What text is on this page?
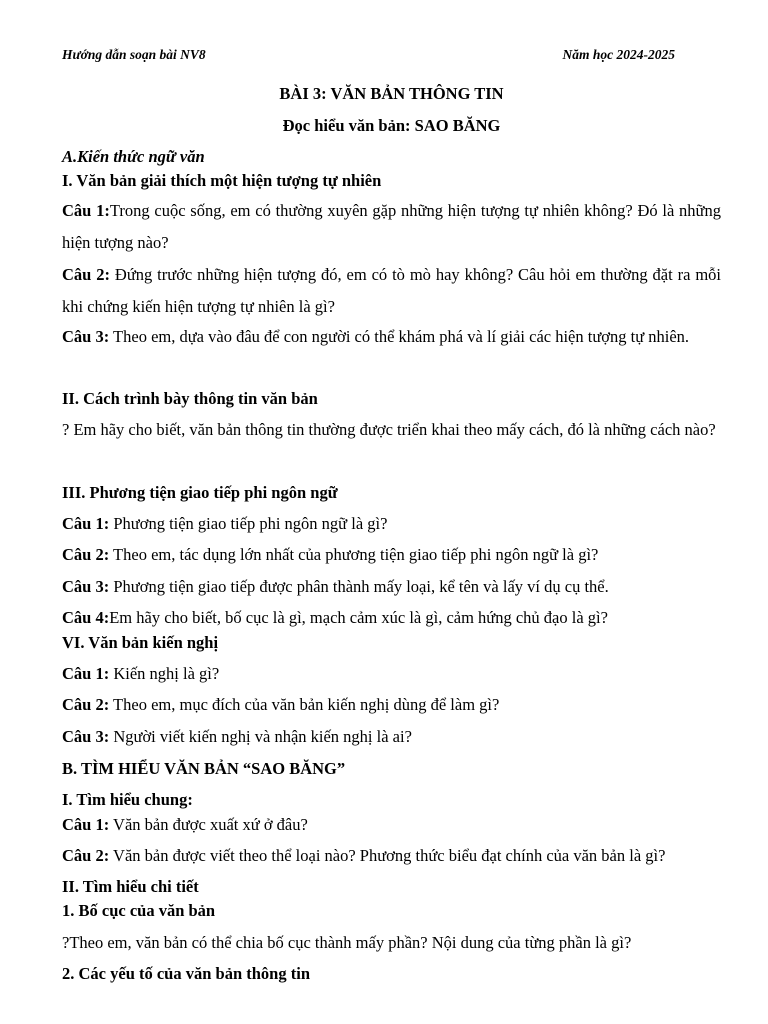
Hướng dẫn soạn bài NV8	Năm học 2024-2025
BÀI 3: VĂN BẢN THÔNG TIN
Đọc hiểu văn bản: SAO BĂNG
A.Kiến thức ngữ văn
I. Văn bản giải thích một hiện tượng tự nhiên
Câu 1:Trong cuộc sống, em có thường xuyên gặp những hiện tượng tự nhiên không? Đó là những hiện tượng nào?
Câu 2: Đứng trước những hiện tượng đó, em có tò mò hay không? Câu hỏi em thường đặt ra mỗi khi chứng kiến hiện tượng tự nhiên là gì?
Câu 3: Theo em, dựa vào đâu để con người có thể khám phá và lí giải các hiện tượng tự nhiên.
II. Cách trình bày thông tin văn bản
? Em hãy cho biết, văn bản thông tin thường được triển khai theo mấy cách, đó là những cách nào?
III. Phương tiện giao tiếp phi ngôn ngữ
Câu 1: Phương tiện giao tiếp phi ngôn ngữ là gì?
Câu 2: Theo em, tác dụng lớn nhất của phương tiện giao tiếp phi ngôn ngữ là gì?
Câu 3: Phương tiện giao tiếp được phân thành mấy loại, kể tên và lấy ví dụ cụ thể.
Câu 4:Em hãy cho biết, bố cục là gì, mạch cảm xúc là gì, cảm hứng chủ đạo là gì?
VI. Văn bản kiến nghị
Câu 1: Kiến nghị là gì?
Câu 2: Theo em, mục đích của văn bản kiến nghị dùng để làm gì?
Câu 3: Người viết kiến nghị và nhận kiến nghị là ai?
B. TÌM HIỂU VĂN BẢN “SAO BĂNG”
I. Tìm hiểu chung:
Câu 1: Văn bản được xuất xứ ở đâu?
Câu 2: Văn bản được viết theo thể loại nào? Phương thức biểu đạt chính của văn bản là gì?
II. Tìm hiểu chi tiết
1. Bố cục của văn bản
?Theo em, văn bản có thể chia bố cục thành mấy phần? Nội dung của từng phần là gì?
2. Các yếu tố của văn bản thông tin
